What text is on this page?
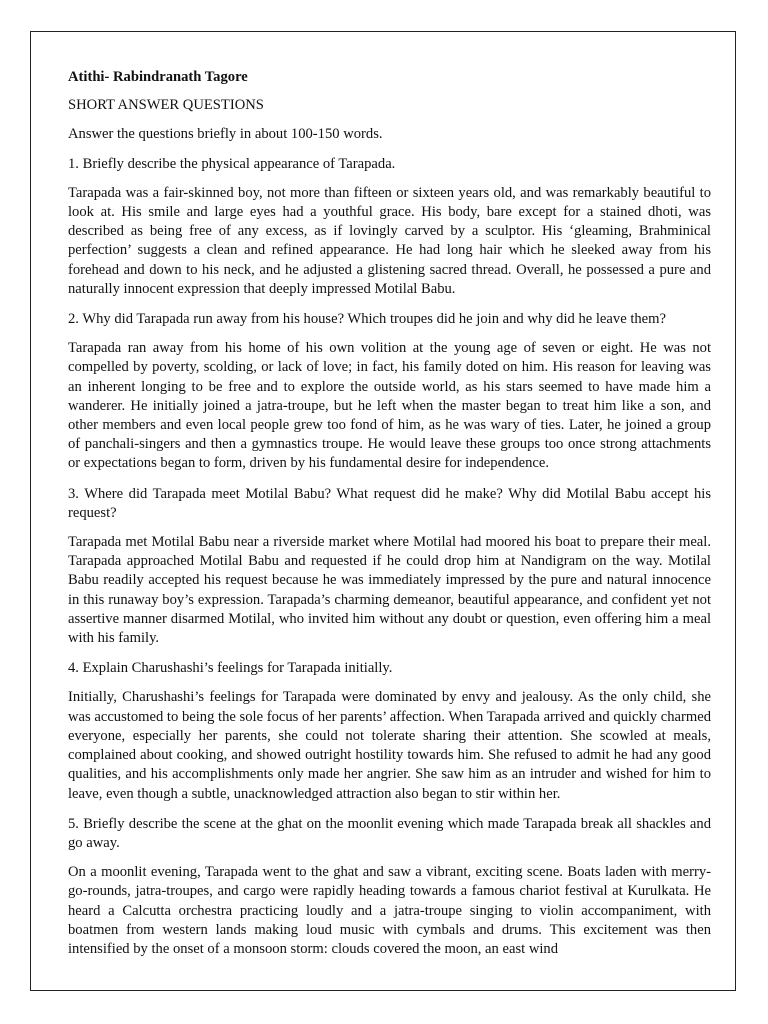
Atithi- Rabindranath Tagore

SHORT ANSWER QUESTIONS

Answer the questions briefly in about 100-150 words.

1. Briefly describe the physical appearance of Tarapada.

Tarapada was a fair-skinned boy, not more than fifteen or sixteen years old, and was remarkably beautiful to look at. His smile and large eyes had a youthful grace. His body, bare except for a stained dhoti, was described as being free of any excess, as if lovingly carved by a sculptor. His ‘gleaming, Brahminical perfection’ suggests a clean and refined appearance. He had long hair which he sleeked away from his forehead and down to his neck, and he adjusted a glistening sacred thread. Overall, he possessed a pure and naturally innocent expression that deeply impressed Motilal Babu.

2. Why did Tarapada run away from his house? Which troupes did he join and why did he leave them?

Tarapada ran away from his home of his own volition at the young age of seven or eight. He was not compelled by poverty, scolding, or lack of love; in fact, his family doted on him. His reason for leaving was an inherent longing to be free and to explore the outside world, as his stars seemed to have made him a wanderer. He initially joined a jatra-troupe, but he left when the master began to treat him like a son, and other members and even local people grew too fond of him, as he was wary of ties. Later, he joined a group of panchali-singers and then a gymnastics troupe. He would leave these groups too once strong attachments or expectations began to form, driven by his fundamental desire for independence.

3. Where did Tarapada meet Motilal Babu? What request did he make? Why did Motilal Babu accept his request?

Tarapada met Motilal Babu near a riverside market where Motilal had moored his boat to prepare their meal. Tarapada approached Motilal Babu and requested if he could drop him at Nandigram on the way. Motilal Babu readily accepted his request because he was immediately impressed by the pure and natural innocence in this runaway boy’s expression. Tarapada’s charming demeanor, beautiful appearance, and confident yet not assertive manner disarmed Motilal, who invited him without any doubt or question, even offering him a meal with his family.

4. Explain Charushashi’s feelings for Tarapada initially.

Initially, Charushashi’s feelings for Tarapada were dominated by envy and jealousy. As the only child, she was accustomed to being the sole focus of her parents’ affection. When Tarapada arrived and quickly charmed everyone, especially her parents, she could not tolerate sharing their attention. She scowled at meals, complained about cooking, and showed outright hostility towards him. She refused to admit he had any good qualities, and his accomplishments only made her angrier. She saw him as an intruder and wished for him to leave, even though a subtle, unacknowledged attraction also began to stir within her.

5. Briefly describe the scene at the ghat on the moonlit evening which made Tarapada break all shackles and go away.

On a moonlit evening, Tarapada went to the ghat and saw a vibrant, exciting scene. Boats laden with merry-go-rounds, jatra-troupes, and cargo were rapidly heading towards a famous chariot festival at Kurulkata. He heard a Calcutta orchestra practicing loudly and a jatra-troupe singing to violin accompaniment, with boatmen from western lands making loud music with cymbals and drums. This excitement was then intensified by the onset of a monsoon storm: clouds covered the moon, an east wind
